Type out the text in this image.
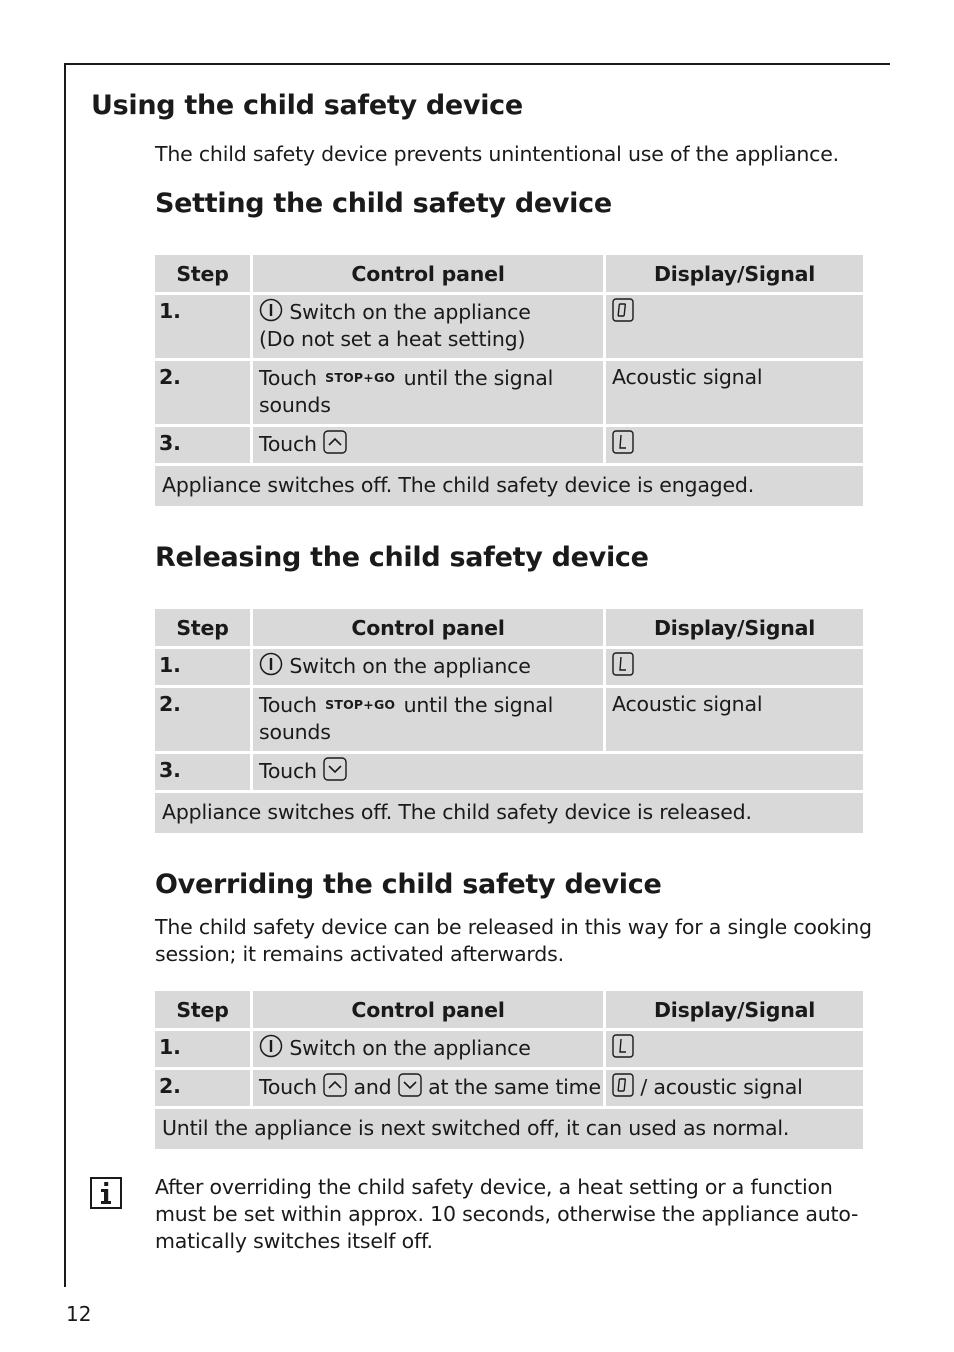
Using the child safety device

The child safety device prevents unintentional use of the appliance.

Setting the child safety device
Step	Control panel	Display/Signal
1.	Switch on the appliance
(Do not set a heat setting)	
2.	Touch STOP+GO until the signal
sounds	Acoustic signal
3.	Touch	
Appliance switches off. The child safety device is engaged.		
Releasing the child safety device
Step	Control panel	Display/Signal
1.	Switch on the appliance	
2.	Touch STOP+GO until the signal
sounds	Acoustic signal
3.	Touch	
Appliance switches off. The child safety device is released.		
Overriding the child safety device

The child safety device can be released in this way for a single cooking session; it remains activated afterwards.

Step	Control panel	Display/Signal
1.	Switch on the appliance	
2.	Touch and at the same time	/ acoustic signal
Until the appliance is next switched off, it can used as normal.		

After overriding the child safety device, a heat setting or a function must be set within approx. 10 seconds, otherwise the appliance auto-matically switches itself off.

12
